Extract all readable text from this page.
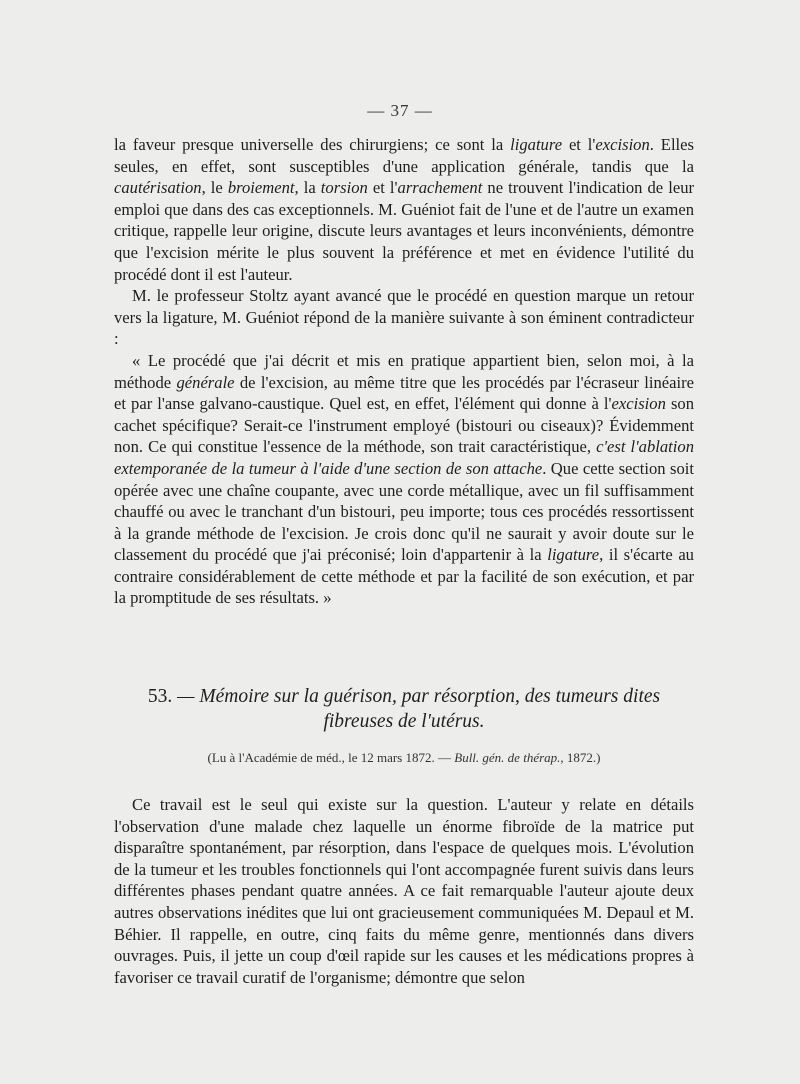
— 37 —

la faveur presque universelle des chirurgiens; ce sont la ligature et l'excision. Elles seules, en effet, sont susceptibles d'une application générale, tandis que la cautérisation, le broiement, la torsion et l'arrachement ne trouvent l'indication de leur emploi que dans des cas exceptionnels. M. Guéniot fait de l'une et de l'autre un examen critique, rappelle leur origine, discute leurs avantages et leurs inconvénients, démontre que l'excision mérite le plus souvent la préférence et met en évidence l'utilité du procédé dont il est l'auteur.

M. le professeur Stoltz ayant avancé que le procédé en question marque un retour vers la ligature, M. Guéniot répond de la manière suivante à son éminent contradicteur :

« Le procédé que j'ai décrit et mis en pratique appartient bien, selon moi, à la méthode générale de l'excision, au même titre que les procédés par l'écraseur linéaire et par l'anse galvano-caustique. Quel est, en effet, l'élément qui donne à l'excision son cachet spécifique? Serait-ce l'instrument employé (bistouri ou ciseaux)? Évidemment non. Ce qui constitue l'essence de la méthode, son trait caractéristique, c'est l'ablation extemporanée de la tumeur à l'aide d'une section de son attache. Que cette section soit opérée avec une chaîne coupante, avec une corde métallique, avec un fil suffisamment chauffé ou avec le tranchant d'un bistouri, peu importe; tous ces procédés ressortissent à la grande méthode de l'excision. Je crois donc qu'il ne saurait y avoir doute sur le classement du procédé que j'ai préconisé; loin d'appartenir à la ligature, il s'écarte au contraire considérablement de cette méthode et par la facilité de son exécution, et par la promptitude de ses résultats. »

53. — Mémoire sur la guérison, par résorption, des tumeurs dites
fibreuses de l'utérus.
(Lu à l'Académie de méd., le 12 mars 1872. — Bull. gén. de thérap., 1872.)

Ce travail est le seul qui existe sur la question. L'auteur y relate en détails l'observation d'une malade chez laquelle un énorme fibroïde de la matrice put disparaître spontanément, par résorption, dans l'espace de quelques mois. L'évolution de la tumeur et les troubles fonctionnels qui l'ont accompagnée furent suivis dans leurs différentes phases pendant quatre années. A ce fait remarquable l'auteur ajoute deux autres observations inédites que lui ont gracieusement communiquées M. Depaul et M. Béhier. Il rappelle, en outre, cinq faits du même genre, mentionnés dans divers ouvrages. Puis, il jette un coup d'œil rapide sur les causes et les médications propres à favoriser ce travail curatif de l'organisme; démontre que selon
